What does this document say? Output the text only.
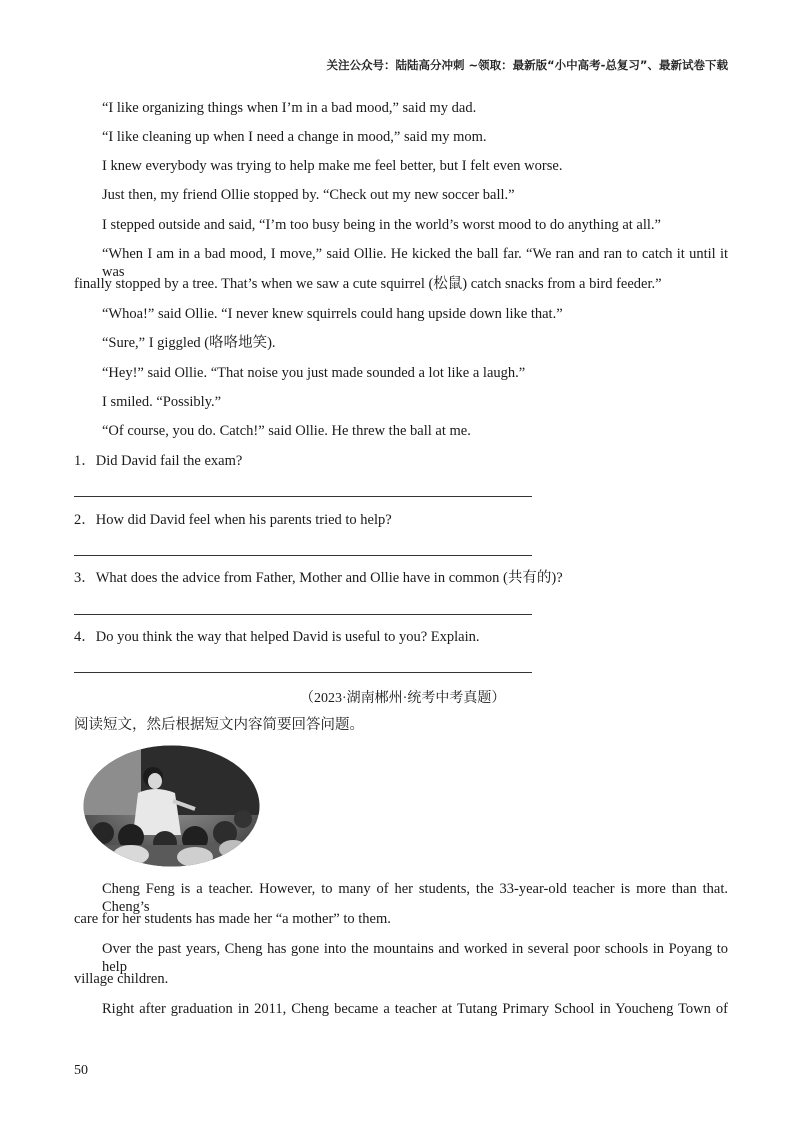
关注公众号：陆陆高分冲刺 ~领取：最新版“小中高考-总复习”、最新试卷下载
“I like organizing things when I’m in a bad mood,” said my dad.
“I like cleaning up when I need a change in mood,” said my mom.
I knew everybody was trying to help make me feel better, but I felt even worse.
Just then, my friend Ollie stopped by. “Check out my new soccer ball.”
I stepped outside and said, “I’m too busy being in the world’s worst mood to do anything at all.”
“When I am in a bad mood, I move,” said Ollie. He kicked the ball far. “We ran and ran to catch it until it was
finally stopped by a tree. That’s when we saw a cute squirrel (松鼠) catch snacks from a bird feeder.”
“Whoa!” said Ollie. “I never knew squirrels could hang upside down like that.”
“Sure,” I giggled (咯咯地笑).
“Hey!” said Ollie. “That noise you just made sounded a lot like a laugh.”
I smiled. “Possibly.”
“Of course, you do. Catch!” said Ollie. He threw the ball at me.
1．Did David fail the exam?
2．How did David feel when his parents tried to help?
3．What does the advice from Father, Mother and Ollie have in common (共有的)?
4．Do you think the way that helped David is useful to you? Explain.
（2023·湖南郴州·统考中考真题）
阅读短文，然后根据短文内容简要回答问题。
Cheng Feng is a teacher. However, to many of her students, the 33-year-old teacher is more than that. Cheng’s
care for her students has made her “a mother” to them.
Over the past years, Cheng has gone into the mountains and worked in several poor schools in Poyang to help
village children.
Right after graduation in 2011, Cheng became a teacher at Tutang Primary School in Youcheng Town of
50
